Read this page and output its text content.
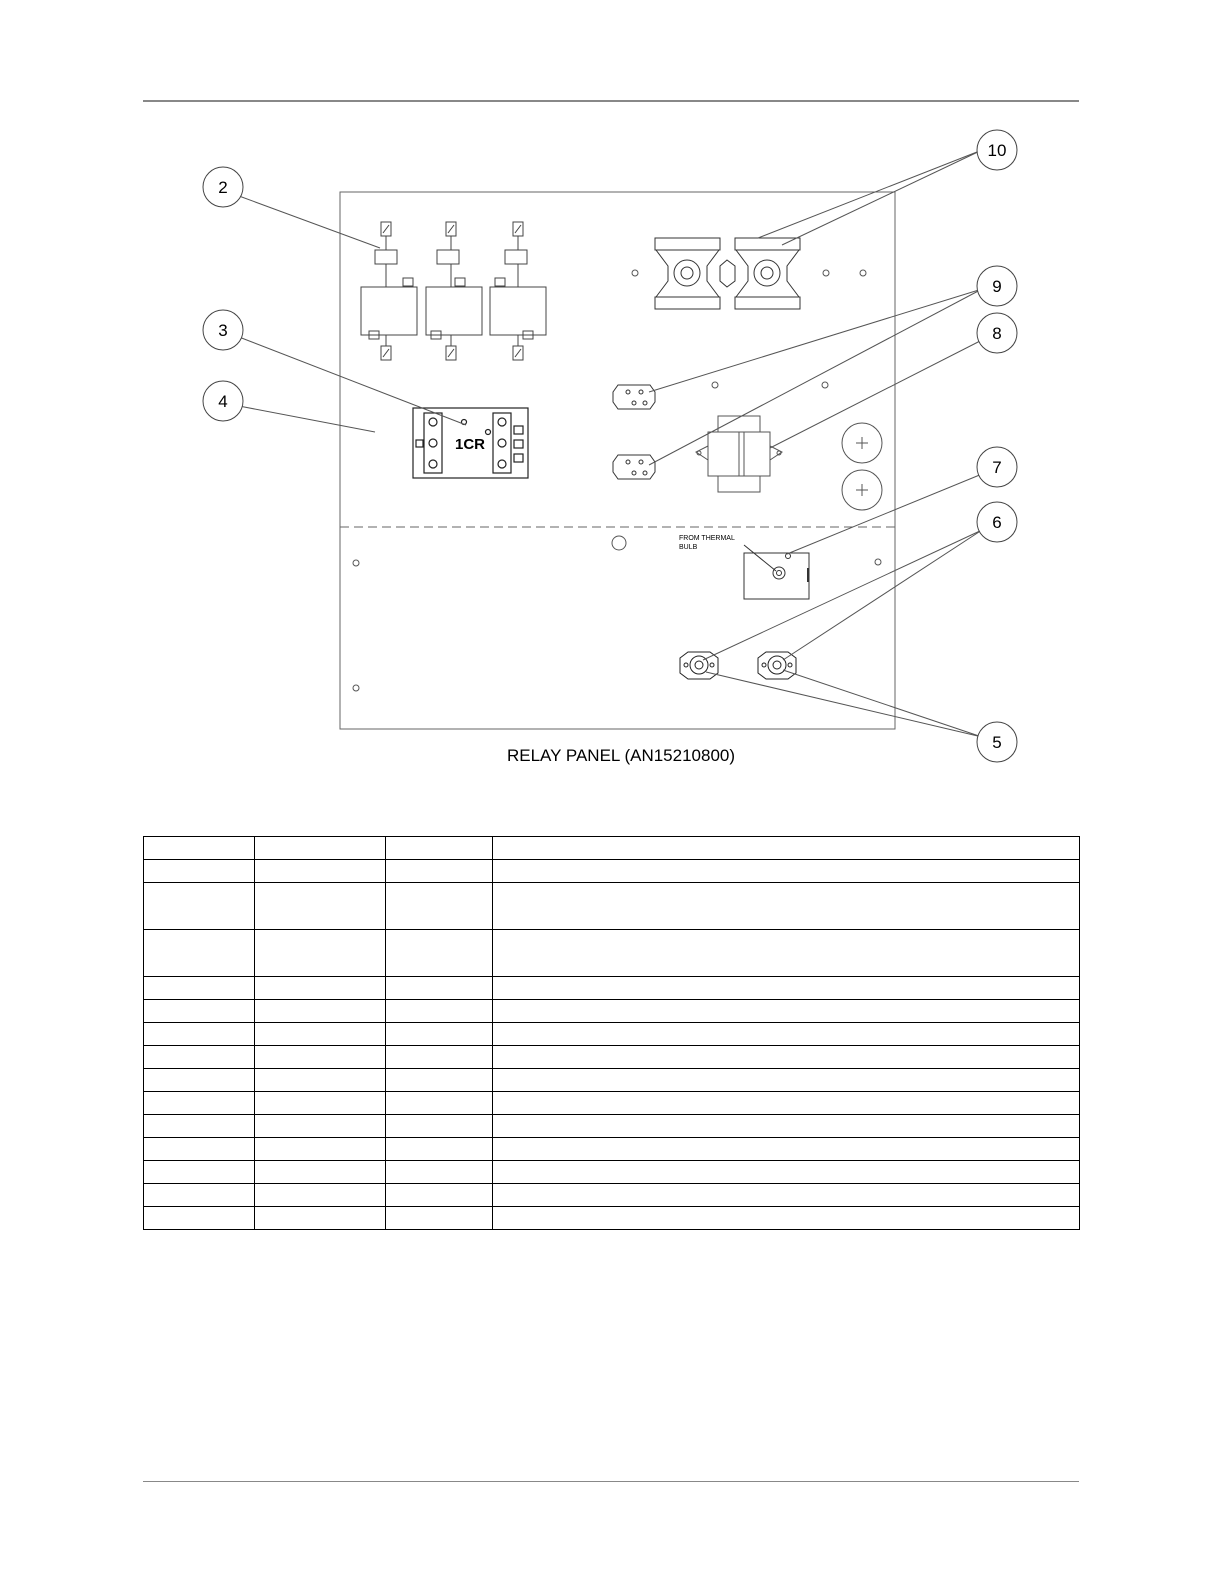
1CR
FROM THERMAL
BULB
2
3
4
5
6
7
8
9
10
RELAY PANEL (AN15210800)
